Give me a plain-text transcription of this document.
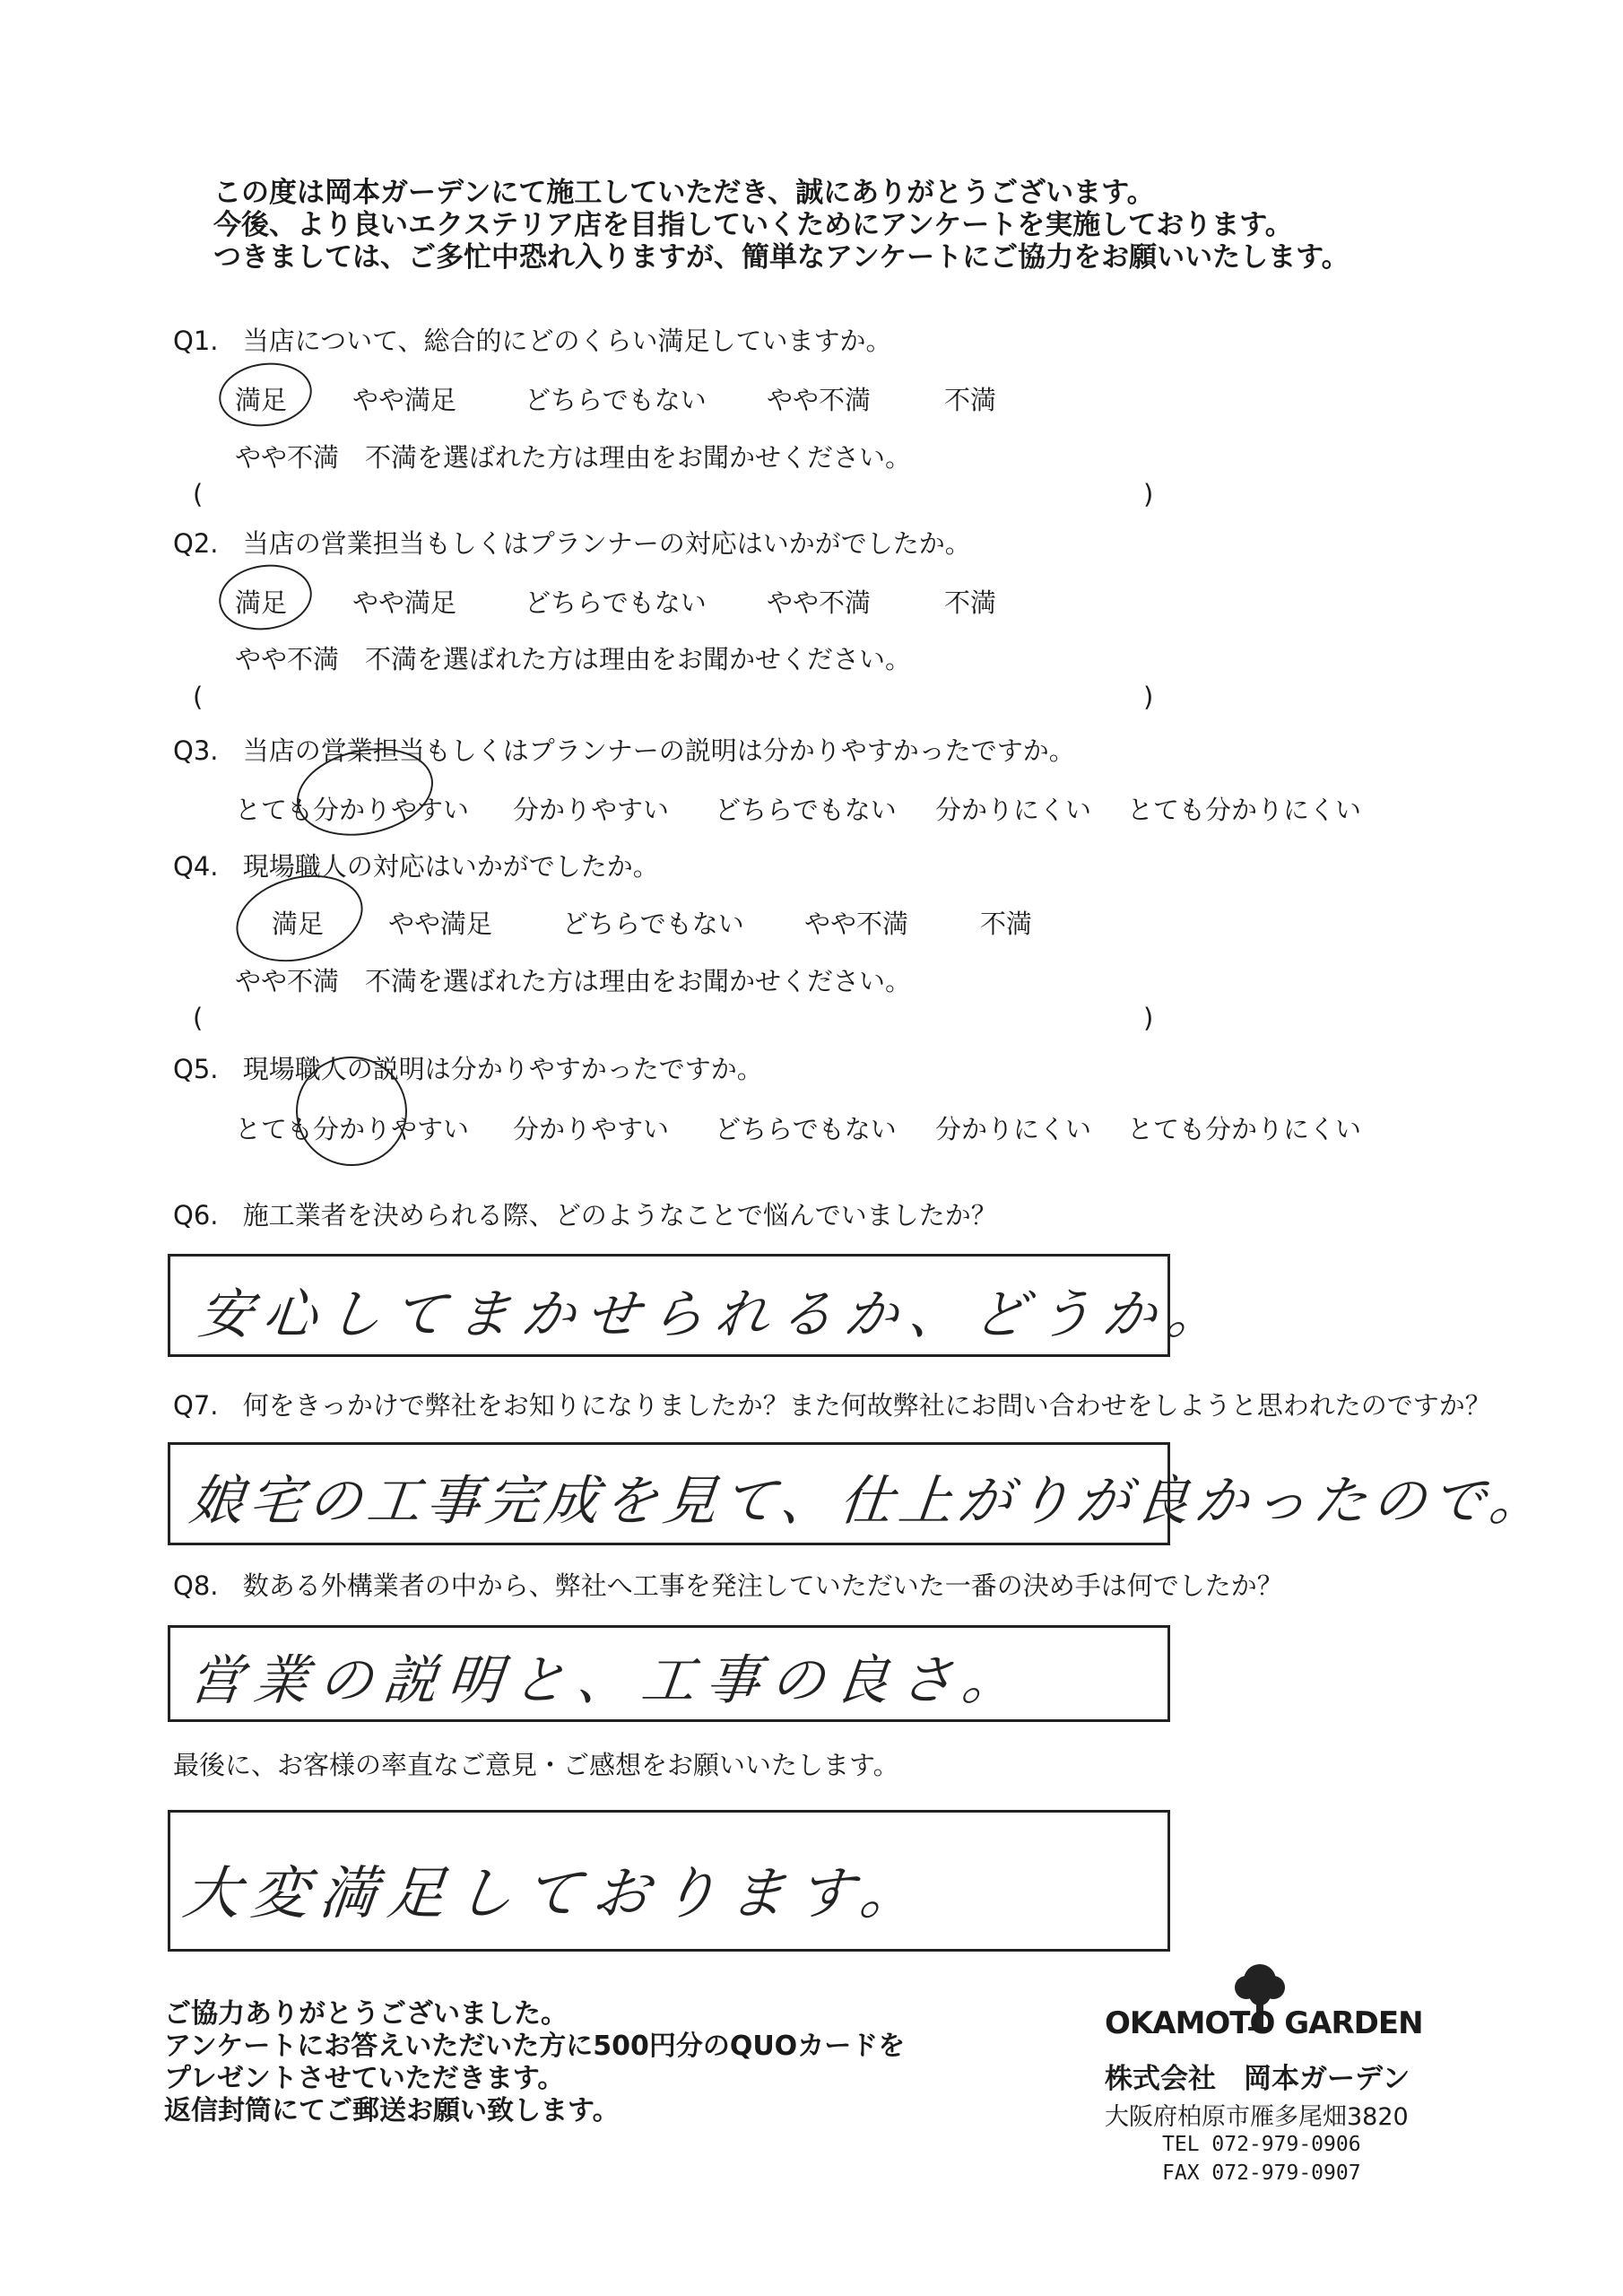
この度は岡本ガーデンにて施工していただき、誠にありがとうございます。
今後、より良いエクステリア店を目指していくためにアンケートを実施しております。
つきましては、ご多忙中恐れ入りますが、簡単なアンケートにご協力をお願いいたします。
Q1. 当店について、総合的にどのくらい満足していますか。
満足	やや満足	どちらでもない やや不満	不満
やや不満　不満を選ばれた方は理由をお聞かせください。
(	)
Q2. 当店の営業担当もしくはプランナーの対応はいかがでしたか。
満足	やや満足	どちらでもない やや不満	不満
やや不満　不満を選ばれた方は理由をお聞かせください。
(	)
Q3. 当店の営業担当もしくはプランナーの説明は分かりやすかったですか。
とても分かりやすい 分かりやすい どちらでもない 分かりにくい とても分かりにくい
Q4. 現場職人の対応はいかがでしたか。
満足 やや満足	どちらでもない やや不満	不満
やや不満　不満を選ばれた方は理由をお聞かせください。
(	)
Q5. 現場職人の説明は分かりやすかったですか。
とても分かりやすい 分かりやすい どちらでもない 分かりにくい とても分かりにくい
Q6. 施工業者を決められる際、どのようなことで悩んでいましたか？
安心してまかせられるか、どうか。
Q7. 何をきっかけで弊社をお知りになりましたか？また何故弊社にお問い合わせをしようと思われたのですか？
娘宅の工事完成を見て、仕上がりが良かったので。
Q8. 数ある外構業者の中から、弊社へ工事を発注していただいた一番の決め手は何でしたか？
営業の説明と、工事の良さ。
最後に、お客様の率直なご意見・ご感想をお願いいたします。
大変満足しております。
ご協力ありがとうございました。
アンケートにお答えいただいた方に500円分のQUOカードを
プレゼントさせていただきます。
返信封筒にてご郵送お願い致します。
OKAMOTO GARDEN
株式会社　岡本ガーデン
大阪府柏原市雁多尾畑3820
TEL 072-979-0906
FAX 072-979-0907
